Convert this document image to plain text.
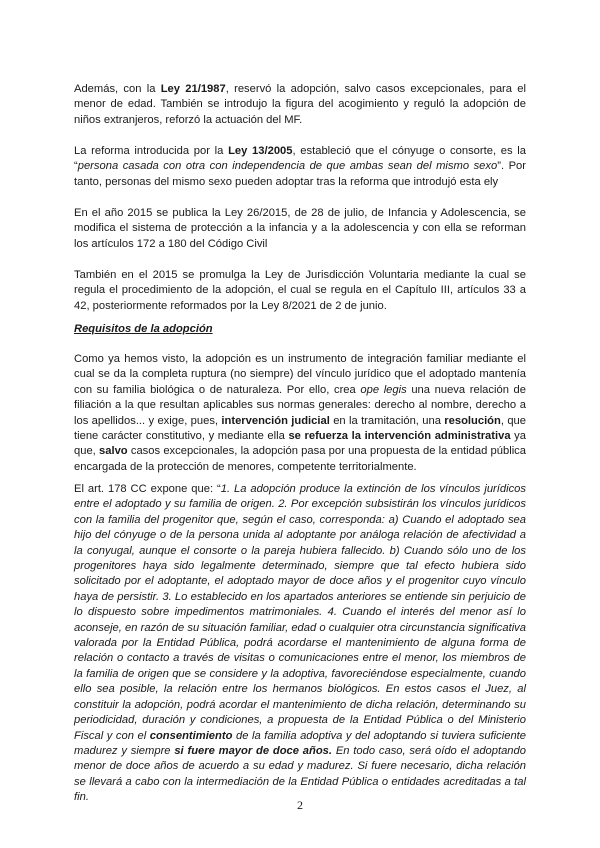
Además, con la Ley 21/1987, reservó la adopción, salvo casos excepcionales, para el menor de edad. También se introdujo la figura del acogimiento y reguló la adopción de niños extranjeros, reforzó la actuación del MF.

La reforma introducida por la Ley 13/2005, estableció que el cónyuge o consorte, es la “persona casada con otra con independencia de que ambas sean del mismo sexo”. Por tanto, personas del mismo sexo pueden adoptar tras la reforma que introdujó esta ely

En el año 2015 se publica la Ley 26/2015, de 28 de julio, de Infancia y Adolescencia, se modifica el sistema de protección a la infancia y a la adolescencia y con ella se reforman los artículos 172 a 180 del Código Civil

También en el 2015 se promulga la Ley de Jurisdicción Voluntaria mediante la cual se regula el procedimiento de la adopción, el cual se regula en el Capítulo III, artículos 33 a 42, posteriormente reformados por la Ley 8/2021 de 2 de junio.

Requisitos de la adopción

Como ya hemos visto, la adopción es un instrumento de integración familiar mediante el cual se da la completa ruptura (no siempre) del vínculo jurídico que el adoptado mantenía con su familia biológica o de naturaleza. Por ello, crea ope legis una nueva relación de filiación a la que resultan aplicables sus normas generales: derecho al nombre, derecho a los apellidos... y exige, pues, intervención judicial en la tramitación, una resolución, que tiene carácter constitutivo, y mediante ella se refuerza la intervención administrativa ya que, salvo casos excepcionales, la adopción pasa por una propuesta de la entidad pública encargada de la protección de menores, competente territorialmente.

El art. 178 CC expone que: “1. La adopción produce la extinción de los vínculos jurídicos entre el adoptado y su familia de origen. 2. Por excepción subsistirán los vínculos jurídicos con la familia del progenitor que, según el caso, corresponda: a) Cuando el adoptado sea hijo del cónyuge o de la persona unida al adoptante por análoga relación de afectividad a la conyugal, aunque el consorte o la pareja hubiera fallecido. b) Cuando sólo uno de los progenitores haya sido legalmente determinado, siempre que tal efecto hubiera sido solicitado por el adoptante, el adoptado mayor de doce años y el progenitor cuyo vínculo haya de persistir. 3. Lo establecido en los apartados anteriores se entiende sin perjuicio de lo dispuesto sobre impedimentos matrimoniales. 4. Cuando el interés del menor así lo aconseje, en razón de su situación familiar, edad o cualquier otra circunstancia significativa valorada por la Entidad Pública, podrá acordarse el mantenimiento de alguna forma de relación o contacto a través de visitas o comunicaciones entre el menor, los miembros de la familia de origen que se considere y la adoptiva, favoreciéndose especialmente, cuando ello sea posible, la relación entre los hermanos biológicos. En estos casos el Juez, al constituir la adopción, podrá acordar el mantenimiento de dicha relación, determinando su periodicidad, duración y condiciones, a propuesta de la Entidad Pública o del Ministerio Fiscal y con el consentimiento de la familia adoptiva y del adoptando si tuviera suficiente madurez y siempre si fuere mayor de doce años. En todo caso, será oído el adoptando menor de doce años de acuerdo a su edad y madurez. Si fuere necesario, dicha relación se llevará a cabo con la intermediación de la Entidad Pública o entidades acreditadas a tal fin.

2
